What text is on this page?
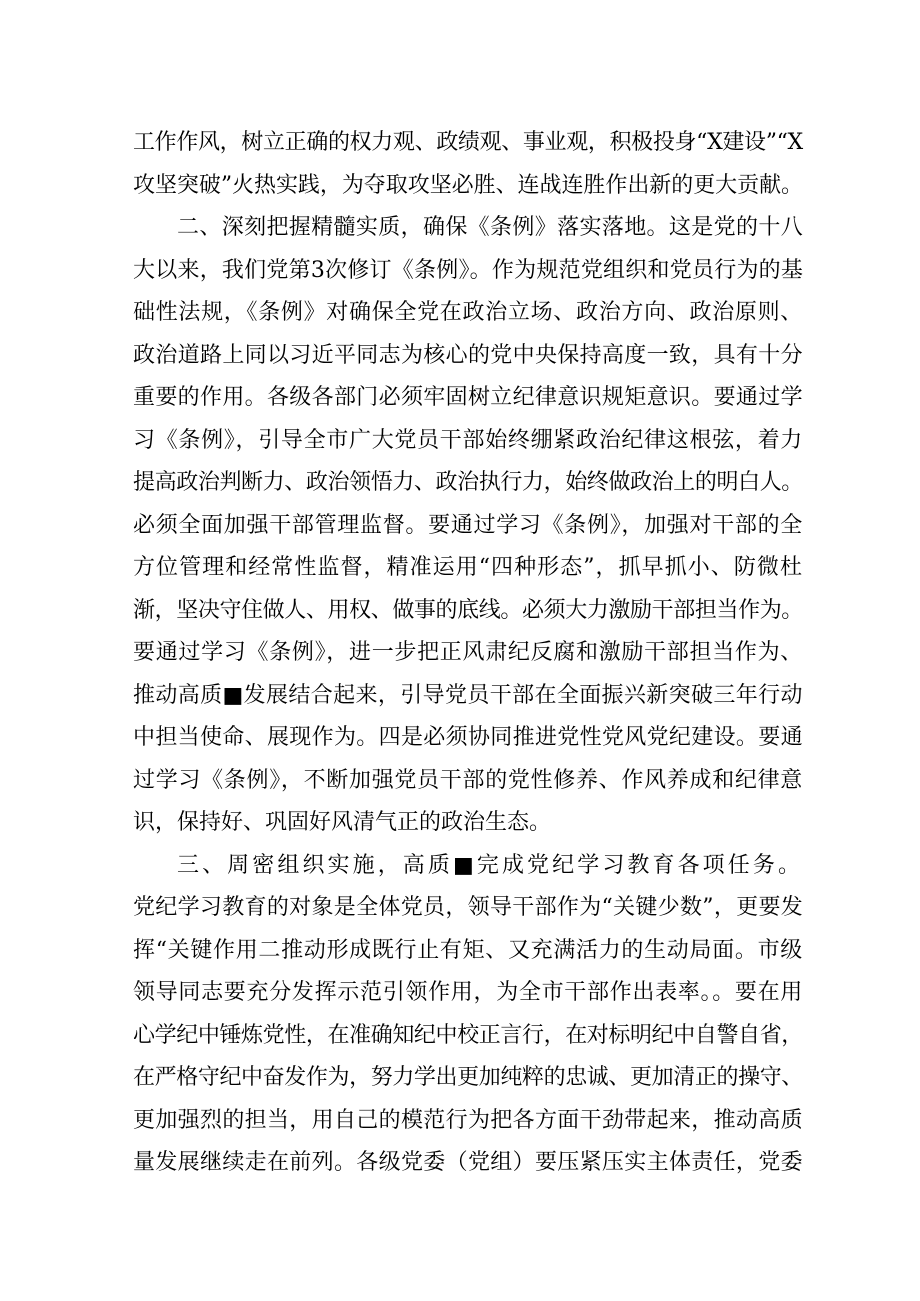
工作作风，树立正确的权力观、政绩观、事业观，积极投身“X建设”“X
攻坚突破”火热实践，为夺取攻坚必胜、连战连胜作出新的更大贡献。
二、深刻把握精髓实质，确保《条例》落实落地。这是党的十八
大以来，我们党第3次修订《条例》。作为规范党组织和党员行为的基
础性法规，《条例》对确保全党在政治立场、政治方向、政治原则、
政治道路上同以习近平同志为核心的党中央保持高度一致，具有十分
重要的作用。各级各部门必须牢固树立纪律意识规矩意识。要通过学
习《条例》，引导全市广大党员干部始终绷紧政治纪律这根弦，着力
提高政治判断力、政治领悟力、政治执行力，始终做政治上的明白人。
必须全面加强干部管理监督。要通过学习《条例》，加强对干部的全
方位管理和经常性监督，精准运用“四种形态”，抓早抓小、防微杜
渐，坚决守住做人、用权、做事的底线。必须大力激励干部担当作为。
要通过学习《条例》，进一步把正风肃纪反腐和激励干部担当作为、
推动高质■发展结合起来，引导党员干部在全面振兴新突破三年行动
中担当使命、展现作为。四是必须协同推进党性党风党纪建设。要通
过学习《条例》，不断加强党员干部的党性修养、作风养成和纪律意
识，保持好、巩固好风清气正的政治生态。
三、周密组织实施，高质■完成党纪学习教育各项任务。
党纪学习教育的对象是全体党员，领导干部作为“关键少数”，更要发
挥“关键作用二推动形成既行止有矩、又充满活力的生动局面。市级
领导同志要充分发挥示范引领作用，为全市干部作出表率。。要在用
心学纪中锤炼党性，在准确知纪中校正言行，在对标明纪中自警自省，
在严格守纪中奋发作为，努力学出更加纯粹的忠诚、更加清正的操守、
更加强烈的担当，用自己的模范行为把各方面干劲带起来，推动高质
量发展继续走在前列。各级党委（党组）要压紧压实主体责任，党委
